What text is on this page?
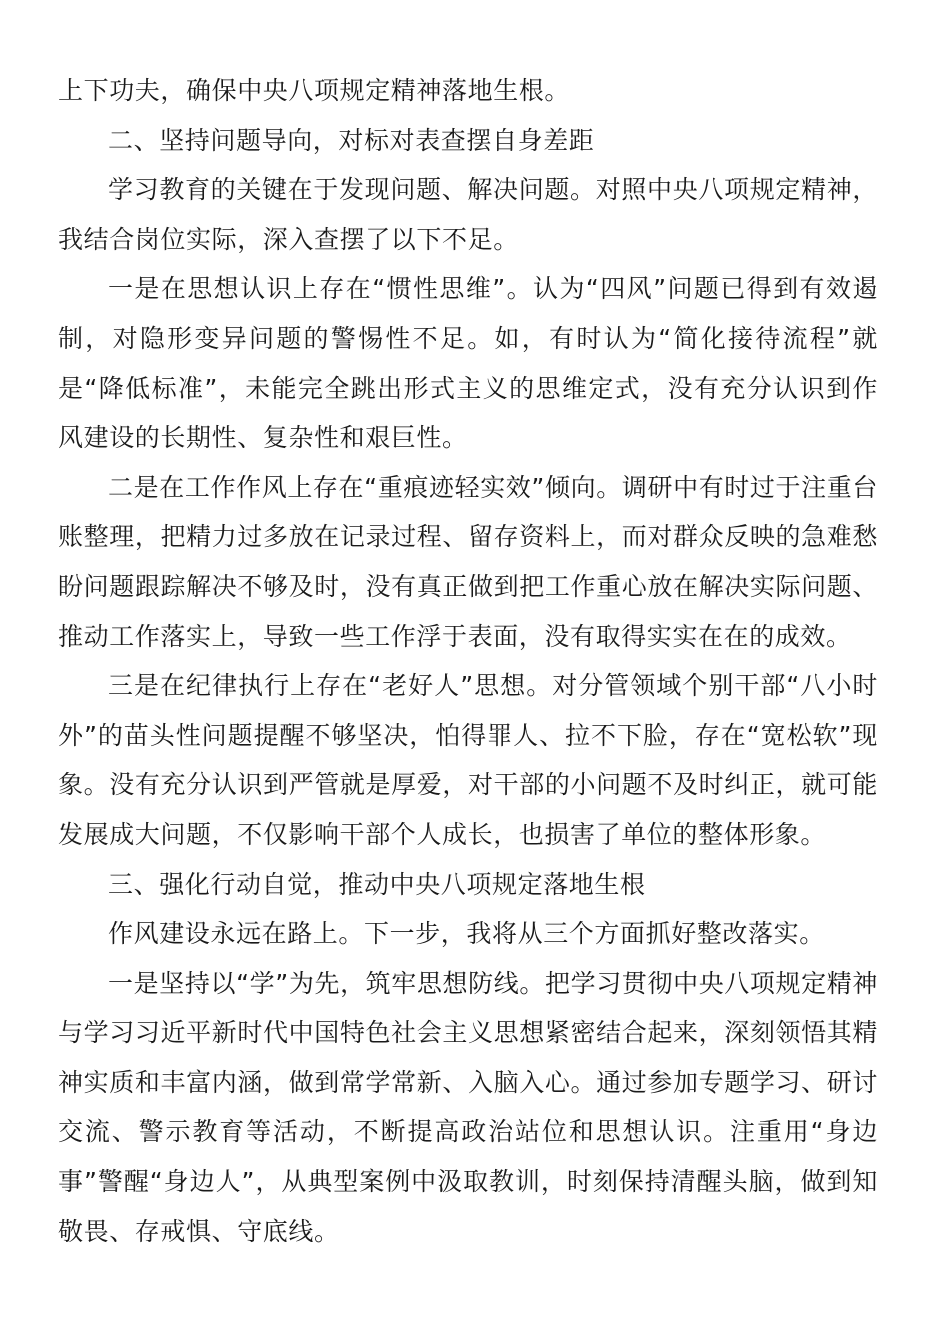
上下功夫，确保中央八项规定精神落地生根。

二、坚持问题导向，对标对表查摆自身差距

学习教育的关键在于发现问题、解决问题。对照中央八项规定精神，我结合岗位实际，深入查摆了以下不足。

一是在思想认识上存在“惯性思维”。认为“四风”问题已得到有效遏制，对隐形变异问题的警惕性不足。如，有时认为“简化接待流程”就是“降低标准”，未能完全跳出形式主义的思维定式，没有充分认识到作风建设的长期性、复杂性和艰巨性。

二是在工作作风上存在“重痕迹轻实效”倾向。调研中有时过于注重台账整理，把精力过多放在记录过程、留存资料上，而对群众反映的急难愁盼问题跟踪解决不够及时，没有真正做到把工作重心放在解决实际问题、推动工作落实上，导致一些工作浮于表面，没有取得实实在在的成效。

三是在纪律执行上存在“老好人”思想。对分管领域个别干部“八小时外”的苗头性问题提醒不够坚决，怕得罪人、拉不下脸，存在“宽松软”现象。没有充分认识到严管就是厚爱，对干部的小问题不及时纠正，就可能发展成大问题，不仅影响干部个人成长，也损害了单位的整体形象。

三、强化行动自觉，推动中央八项规定落地生根

作风建设永远在路上。下一步，我将从三个方面抓好整改落实。

一是坚持以“学”为先，筑牢思想防线。把学习贯彻中央八项规定精神与学习习近平新时代中国特色社会主义思想紧密结合起来，深刻领悟其精神实质和丰富内涵，做到常学常新、入脑入心。通过参加专题学习、研讨交流、警示教育等活动，不断提高政治站位和思想认识。注重用“身边事”警醒“身边人”，从典型案例中汲取教训，时刻保持清醒头脑，做到知敬畏、存戒惧、守底线。
